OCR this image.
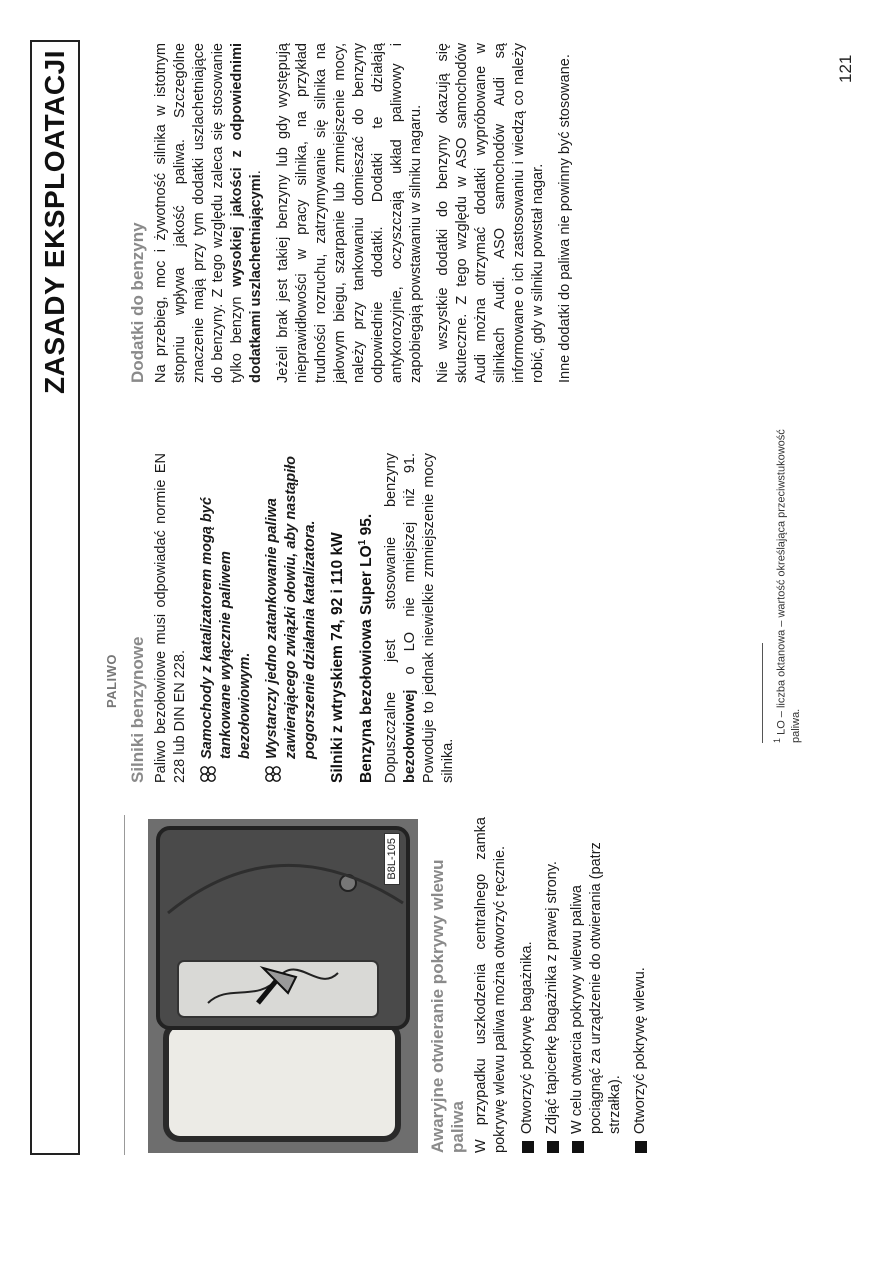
ZASADY EKSPLOATACJI
PALIWO
B8L-105
Awaryjne otwieranie pokrywy wlewu paliwa W przypadku uszkodzenia centralnego zamka pokrywę wlewu paliwa można otworzyć ręcznie. Otworzyć pokrywę bagażnika. Zdjąć tapicerkę bagażnika z prawej strony. W celu otwarcia pokrywy wlewu paliwa pociągnąć za urządzenie do otwierania (patrz strzałka). Otworzyć pokrywę wlewu.
Silniki benzynowe Paliwo bezołowiowe musi odpowiadać normie EN 228 lub DIN EN 228. Samochody z katalizatorem mogą być tankowane wyłącznie paliwem bezołowiowym. Wystarczy jedno zatankowanie paliwa zawierającego związki ołowiu, aby nastąpiło pogorszenie działania katalizatora. Silniki z wtryskiem 74, 92 i 110 kW Benzyna bezołowiowa Super $LO^1$ 95. Dopuszczalne jest stosowanie benzyny bezołowiowej o LO nie mniejszej niż 91. Powoduje to jednak niewielkie zmniejszenie mocy silnika.

Dodatki do benzyny Na przebieg, moc i żywotność silnika w istotnym stopniu wpływa jakość paliwa. Szczególne znaczenie mają przy tym dodatki uszlachetniające do benzyny. Z tego względu zaleca się stosowanie tylko benzyn wysokiej jakości z odpowiednimi dodatkami uszlachetniającymi. Jeżeli brak jest takiej benzyny lub gdy występują nieprawidłowości w pracy silnika, na przykład trudności rozruchu, zatrzymywanie się silnika na jałowym biegu, szarpanie lub zmniejszenie mocy, należy przy tankowaniu domieszać do benzyny odpowiednie dodatki. Dodatki te działają antykorozyjnie, oczyszczają układ paliwowy i zapobiegają powstawaniu w silniku nagaru. Nie wszystkie dodatki do benzyny okazują się skuteczne. Z tego względu w ASO samochodów Audi można otrzymać dodatki wypróbowane w silnikach Audi. ASO samochodów Audi są informowane o ich zastosowaniu i wiedzą co należy robić, gdy w silniku powstał nagar. Inne dodatki do paliwa nie powinny być stosowane.

$^1$ LO – liczba oktanowa – wartość określająca przeciwstukowość paliwa.
121
